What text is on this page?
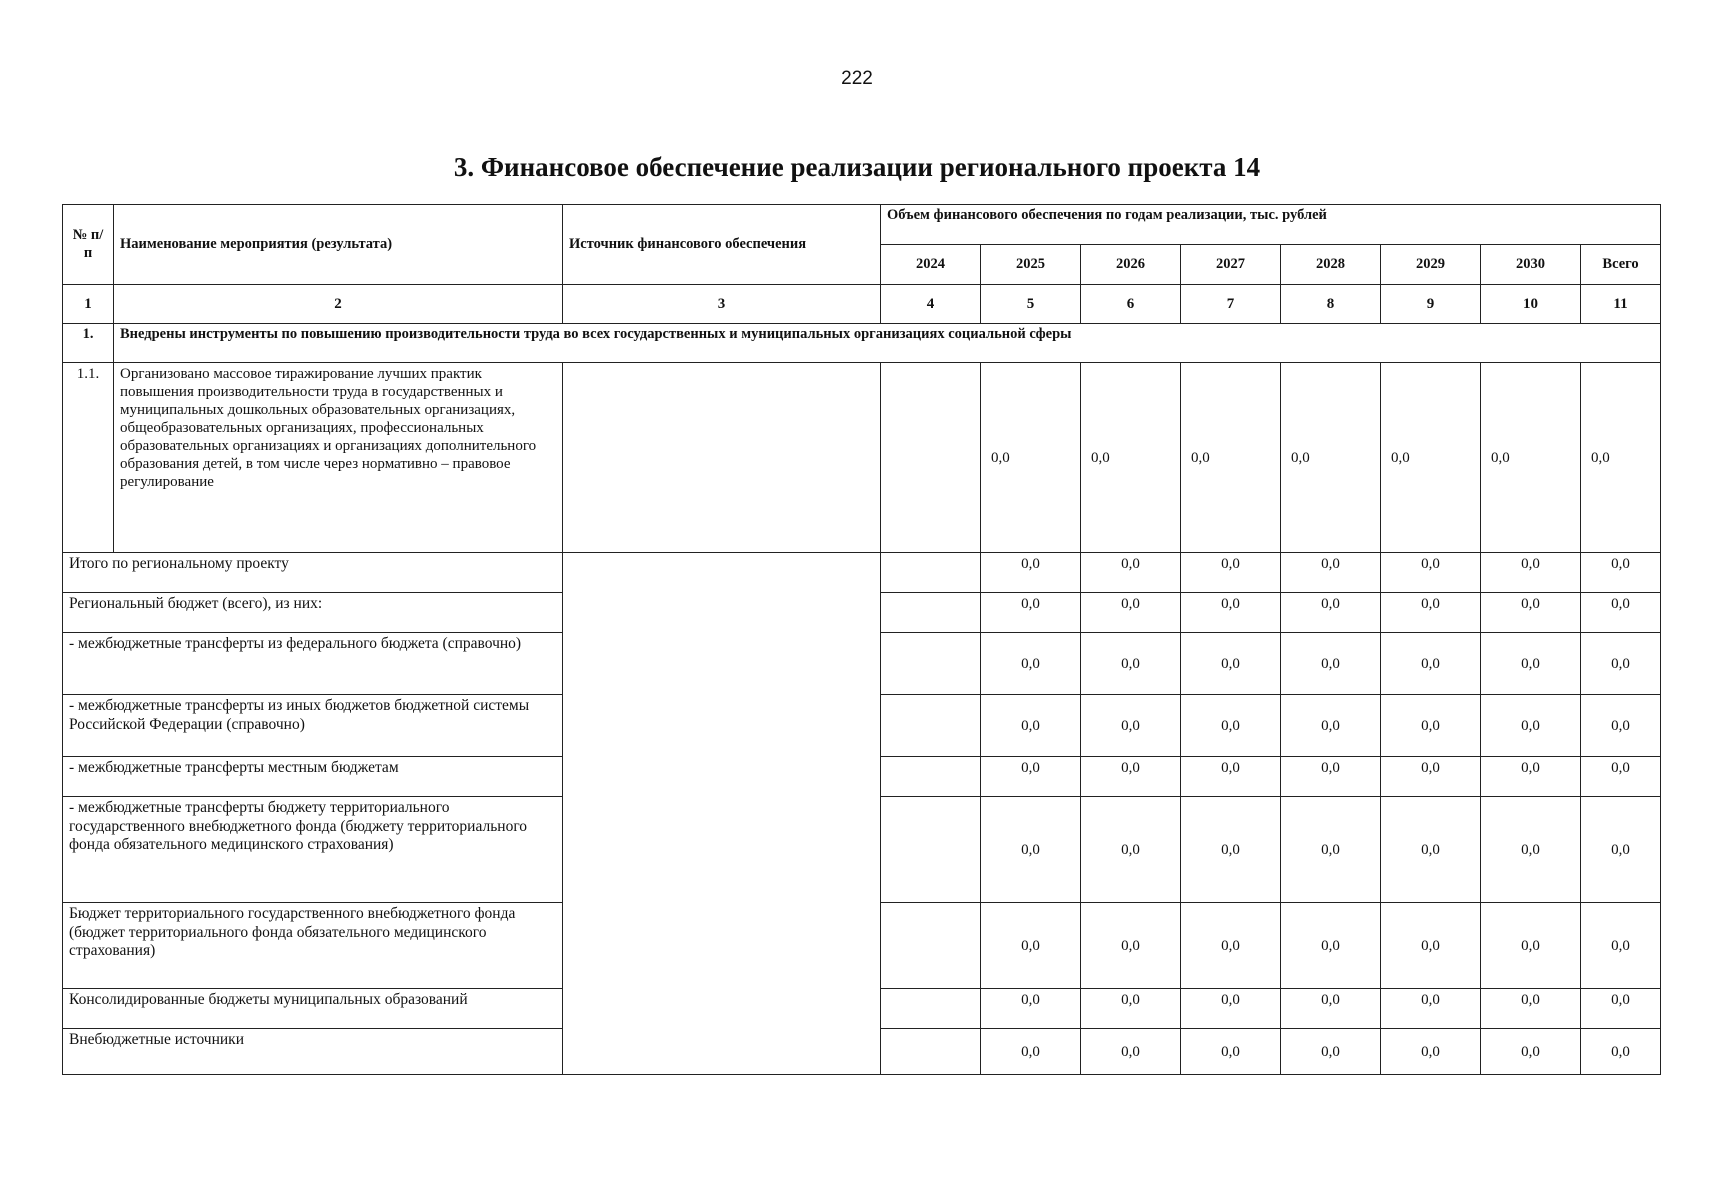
222
3. Финансовое обеспечение реализации регионального проекта 14
№ п/п	Наименование мероприятия (результата)	Источник финансового обеспечения	Объем финансового обеспечения по годам реализации, тыс. рублей							
			2024	2025	2026	2027	2028	2029	2030	Всего
1	2	3	4	5	6	7	8	9	10	11
1.	Внедрены инструменты по повышению производительности труда во всех государственных и муниципальных организациях социальной сферы									
1.1.	Организовано массовое тиражирование лучших практик повышения производительности труда в государственных и муниципальных дошкольных образовательных организациях, общеобразовательных организациях, профессиональных образовательных организациях и организациях дополнительного образования детей, в том числе через нормативно – правовое регулирование			0,0	0,0	0,0	0,0	0,0	0,0	0,0
Итого по региональному проекту				0,0	0,0	0,0	0,0	0,0	0,0	0,0
Региональный бюджет (всего), из них:				0,0	0,0	0,0	0,0	0,0	0,0	0,0
- межбюджетные трансферты из федерального бюджета (справочно)				0,0	0,0	0,0	0,0	0,0	0,0	0,0
- межбюджетные трансферты из иных бюджетов бюджетной системы Российской Федерации (справочно)				0,0	0,0	0,0	0,0	0,0	0,0	0,0
- межбюджетные трансферты местным бюджетам				0,0	0,0	0,0	0,0	0,0	0,0	0,0
- межбюджетные трансферты бюджету территориального государственного внебюджетного фонда (бюджету территориального фонда обязательного медицинского страхования)				0,0	0,0	0,0	0,0	0,0	0,0	0,0
Бюджет территориального государственного внебюджетного фонда (бюджет территориального фонда обязательного медицинского страхования)				0,0	0,0	0,0	0,0	0,0	0,0	0,0
Консолидированные бюджеты муниципальных образований				0,0	0,0	0,0	0,0	0,0	0,0	0,0
Внебюджетные источники				0,0	0,0	0,0	0,0	0,0	0,0	0,0
